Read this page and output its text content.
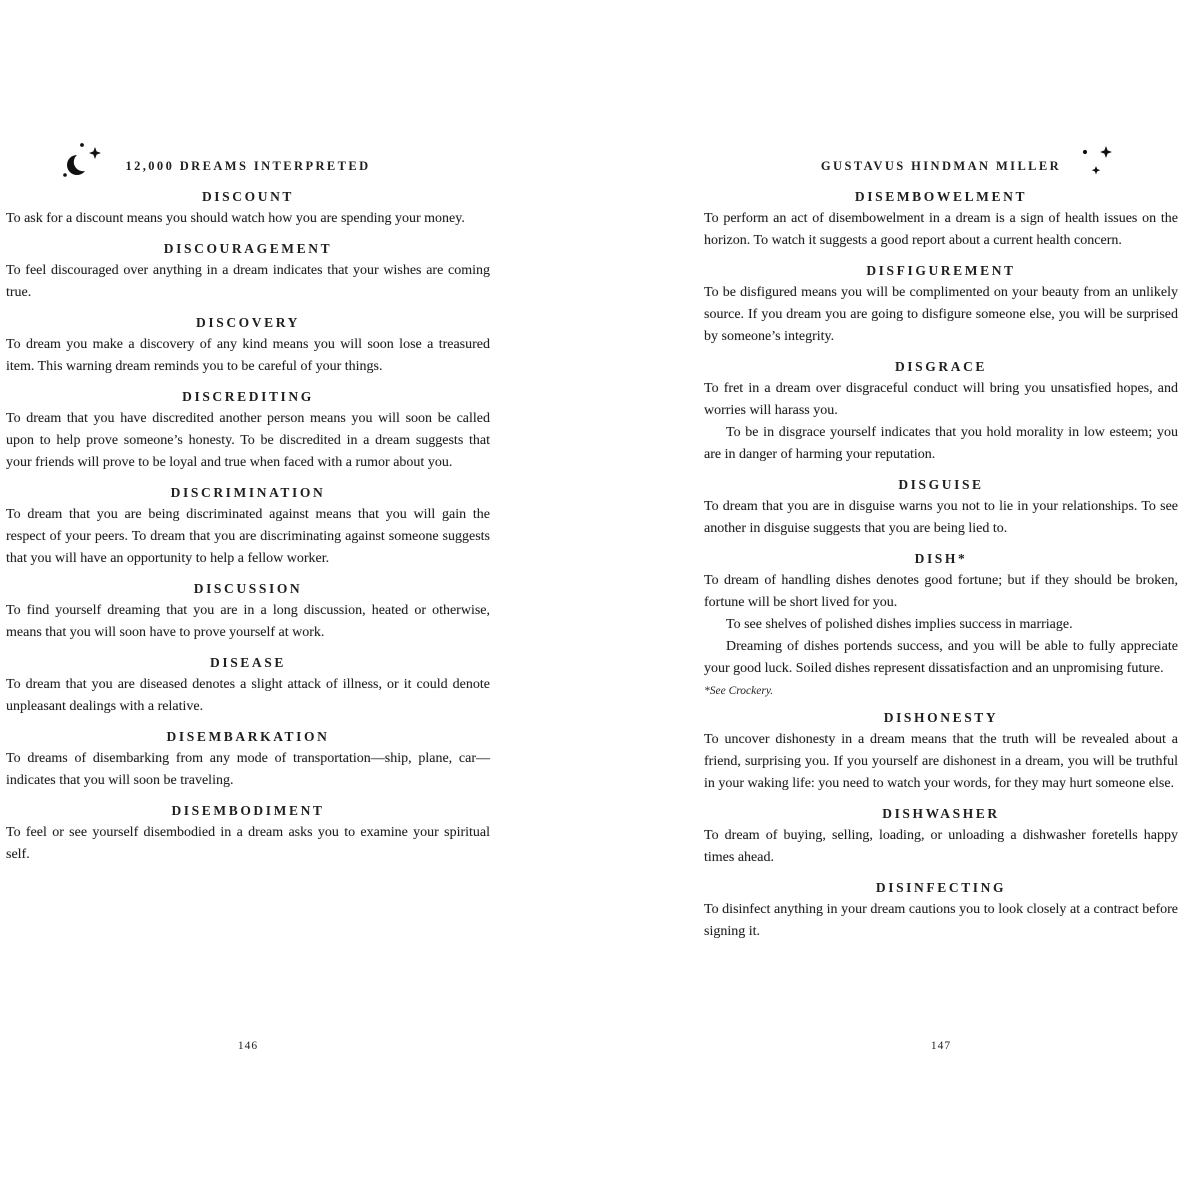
12,000 DREAMS INTERPRETED
DISCOUNT

To ask for a discount means you should watch how you are spending your money.

DISCOURAGEMENT

To feel discouraged over anything in a dream indicates that your wishes are coming true.

DISCOVERY

To dream you make a discovery of any kind means you will soon lose a treasured item. This warning dream reminds you to be careful of your things.

DISCREDITING

To dream that you have discredited another person means you will soon be called upon to help prove someone’s honesty. To be discredited in a dream suggests that your friends will prove to be loyal and true when faced with a rumor about you.

DISCRIMINATION

To dream that you are being discriminated against means that you will gain the respect of your peers. To dream that you are discriminating against someone suggests that you will have an opportunity to help a fellow worker.

DISCUSSION

To find yourself dreaming that you are in a long discussion, heated or otherwise, means that you will soon have to prove yourself at work.

DISEASE

To dream that you are diseased denotes a slight attack of illness, or it could denote unpleasant dealings with a relative.

DISEMBARKATION

To dreams of disembarking from any mode of transportation—ship, plane, car—indicates that you will soon be traveling.

DISEMBODIMENT

To feel or see yourself disembodied in a dream asks you to examine your spiritual self.

GUSTAVUS HINDMAN MILLER
DISEMBOWELMENT

To perform an act of disembowelment in a dream is a sign of health issues on the horizon. To watch it suggests a good report about a current health concern.

DISFIGUREMENT

To be disfigured means you will be complimented on your beauty from an unlikely source. If you dream you are going to disfigure someone else, you will be surprised by someone’s integrity.

DISGRACE

To fret in a dream over disgraceful conduct will bring you unsatisfied hopes, and worries will harass you.

To be in disgrace yourself indicates that you hold morality in low esteem; you are in danger of harming your reputation.

DISGUISE

To dream that you are in disguise warns you not to lie in your relationships. To see another in disguise suggests that you are being lied to.

DISH*

To dream of handling dishes denotes good fortune; but if they should be broken, fortune will be short lived for you.

To see shelves of polished dishes implies success in marriage.

Dreaming of dishes portends success, and you will be able to fully appreciate your good luck. Soiled dishes represent dissatisfaction and an unpromising future.

*See Crockery.

DISHONESTY

To uncover dishonesty in a dream means that the truth will be revealed about a friend, surprising you. If you yourself are dishonest in a dream, you will be truthful in your waking life: you need to watch your words, for they may hurt someone else.

DISHWASHER

To dream of buying, selling, loading, or unloading a dishwasher foretells happy times ahead.

DISINFECTING

To disinfect anything in your dream cautions you to look closely at a contract before signing it.

146	147
